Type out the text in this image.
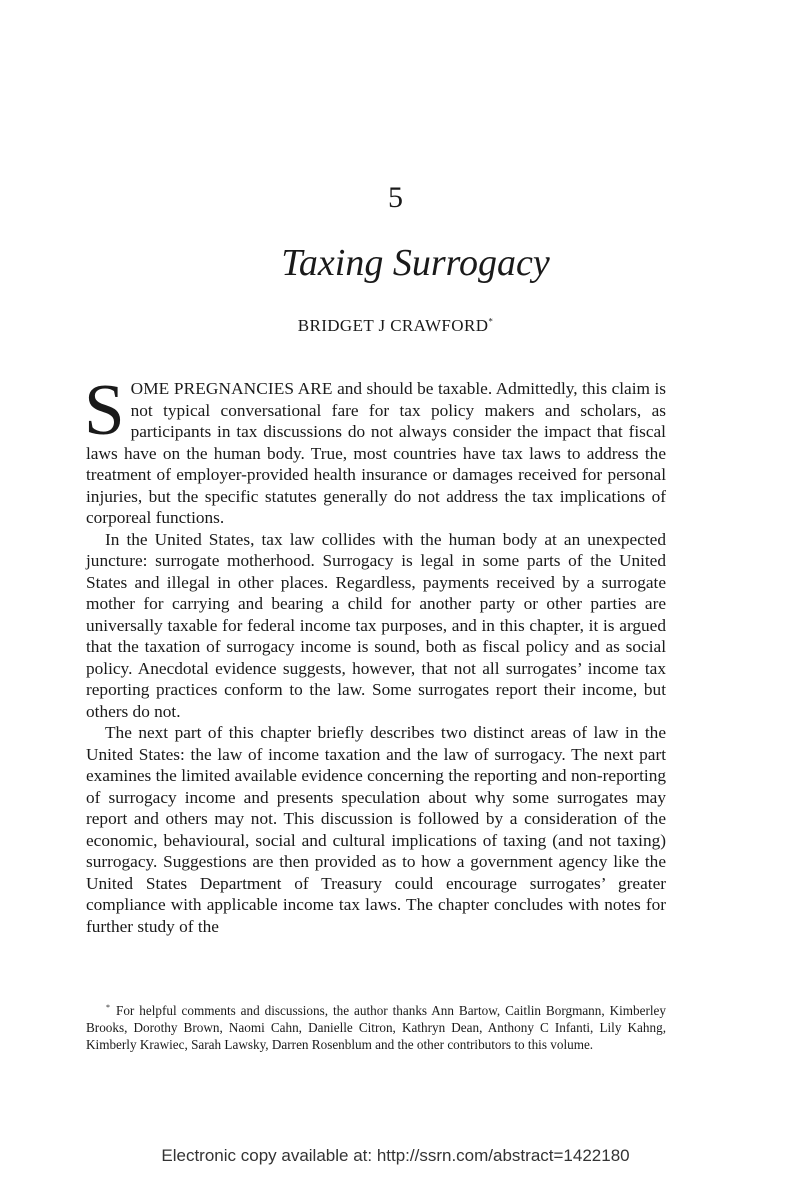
5
Taxing Surrogacy
BRIDGET J CRAWFORD*

SOME PREGNANCIES ARE and should be taxable. Admittedly, this claim is not typical conversational fare for tax policy makers and scholars, as participants in tax discussions do not always consider the impact that fiscal laws have on the human body. True, most countries have tax laws to address the treatment of employer-provided health insurance or damages received for personal injuries, but the specific statutes generally do not address the tax implications of corporeal functions.

In the United States, tax law collides with the human body at an unexpected juncture: surrogate motherhood. Surrogacy is legal in some parts of the United States and illegal in other places. Regardless, payments received by a surrogate mother for carrying and bearing a child for another party or other parties are universally taxable for federal income tax purposes, and in this chapter, it is argued that the taxation of surrogacy income is sound, both as fiscal policy and as social policy. Anecdotal evidence suggests, however, that not all surrogates’ income tax reporting practices conform to the law. Some surrogates report their income, but others do not.

The next part of this chapter briefly describes two distinct areas of law in the United States: the law of income taxation and the law of surrogacy. The next part examines the limited available evidence concerning the reporting and non-reporting of surrogacy income and presents speculation about why some surrogates may report and others may not. This discussion is followed by a consideration of the economic, behavioural, social and cultural implications of taxing (and not taxing) surrogacy. Suggestions are then provided as to how a government agency like the United States Department of Treasury could encourage surrogates’ greater compliance with applicable income tax laws. The chapter concludes with notes for further study of the

* For helpful comments and discussions, the author thanks Ann Bartow, Caitlin Borgmann, Kimberley Brooks, Dorothy Brown, Naomi Cahn, Danielle Citron, Kathryn Dean, Anthony C Infanti, Lily Kahng, Kimberly Krawiec, Sarah Lawsky, Darren Rosenblum and the other contributors to this volume.

Electronic copy available at: http://ssrn.com/abstract=1422180
